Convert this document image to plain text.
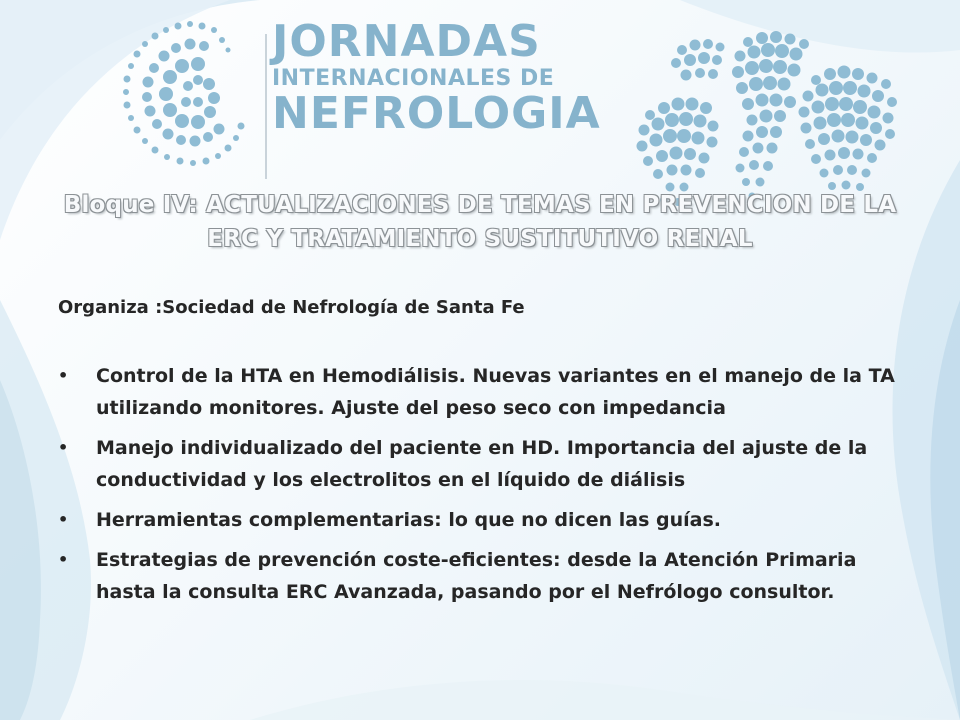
JORNADAS
INTERNACIONALES DE
NEFROLOGIA
Bloque IV: ACTUALIZACIONES DE TEMAS EN PREVENCION DE LA
ERC Y TRATAMIENTO SUSTITUTIVO RENAL

Organiza :Sociedad de Nefrología de Santa Fe

•	Control de la HTA en Hemodiálisis. Nuevas variantes en el manejo de la TA utilizando monitores. Ajuste del peso seco con impedancia
•	Manejo individualizado del paciente en HD. Importancia del ajuste de la conductividad y los electrolitos en el líquido de diálisis
•	Herramientas complementarias: lo que no dicen las guías.
•	Estrategias de prevención coste-eficientes: desde la Atención Primaria hasta la consulta ERC Avanzada, pasando por el Nefrólogo consultor.
